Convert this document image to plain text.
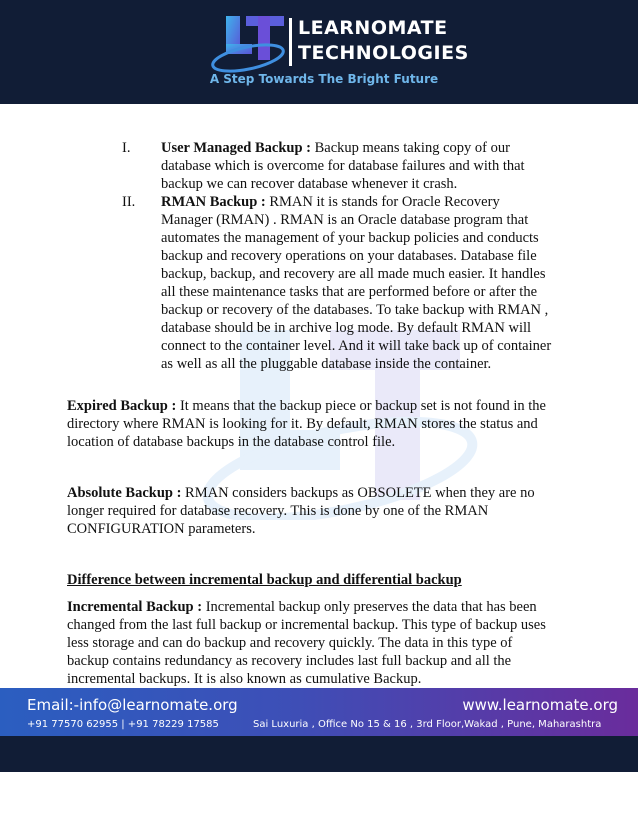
LEARNOMATE
TECHNOLOGIES
A Step Towards The Bright Future
I. User Managed Backup : Backup means taking copy of our
database which is overcome for database failures and with that
backup we can recover database whenever it crash.
II. RMAN Backup : RMAN it is stands for Oracle Recovery
Manager (RMAN) . RMAN is an Oracle database program that
automates the management of your backup policies and conducts
backup and recovery operations on your databases. Database file
backup, backup, and recovery are all made much easier. It handles
all these maintenance tasks that are performed before or after the
backup or recovery of the databases. To take backup with RMAN ,
database should be in archive log mode. By default RMAN will
connect to the container level. And it will take back up of container
as well as all the pluggable database inside the container.
Expired Backup : It means that the backup piece or backup set is not found in the
directory where RMAN is looking for it. By default, RMAN stores the status and
location of database backups in the database control file.
Absolute Backup : RMAN considers backups as OBSOLETE when they are no
longer required for database recovery. This is done by one of the RMAN
CONFIGURATION parameters.
Difference between incremental backup and differential backup
Incremental Backup : Incremental backup only preserves the data that has been
changed from the last full backup or incremental backup. This type of backup uses
less storage and can do backup and recovery quickly. The data in this type of
backup contains redundancy as recovery includes last full backup and all the
incremental backups. It is also known as cumulative Backup.
Email:-info@learnomate.org	www.learnomate.org
+91 77570 62955 | +91 78229 17585	Sai Luxuria , Office No 15 & 16 , 3rd Floor,Wakad , Pune, Maharashtra
